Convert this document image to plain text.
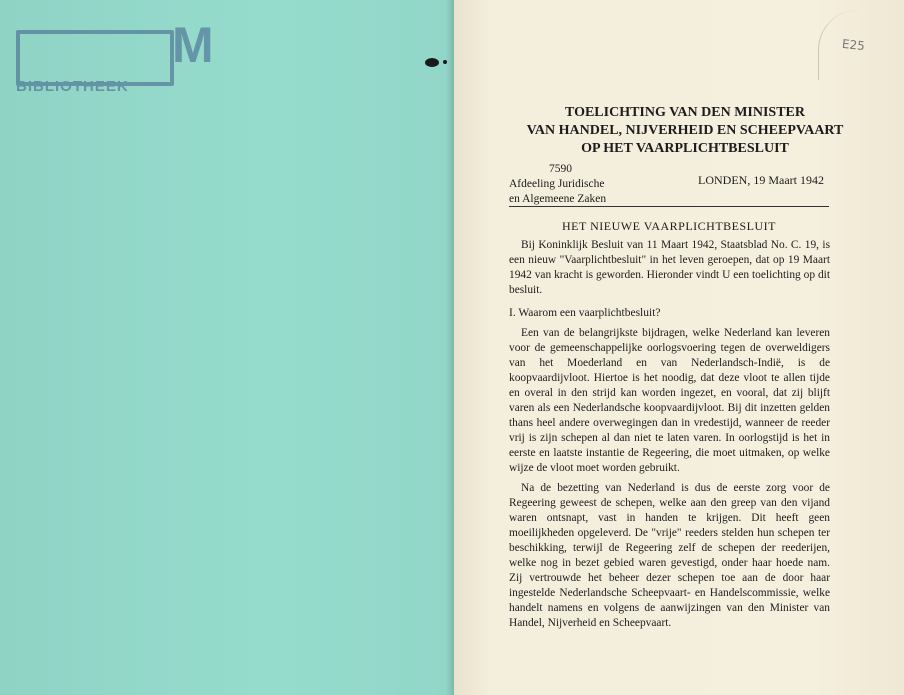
M
BIBLIOTHEEK
E25
TOELICHTING VAN DEN MINISTER
VAN HANDEL, NIJVERHEID EN SCHEEPVAART
OP HET VAARPLICHTBESLUIT
7590
Afdeeling Juridische
en Algemeene Zaken
LONDEN, 19 Maart 1942
HET NIEUWE VAARPLICHTBESLUIT

Bij Koninklijk Besluit van 11 Maart 1942, Staatsblad No. C. 19, is een nieuw "Vaarplichtbesluit" in het leven geroepen, dat op 19 Maart 1942 van kracht is geworden. Hieronder vindt U een toelichting op dit besluit.

I. Waarom een vaarplichtbesluit?

Een van de belangrijkste bijdragen, welke Nederland kan leveren voor de gemeenschappelijke oorlogsvoering tegen de overweldigers van het Moederland en van Nederlandsch-Indië, is de koopvaardijvloot. Hiertoe is het noodig, dat deze vloot te allen tijde en overal in den strijd kan worden ingezet, en vooral, dat zij blijft varen als een Nederlandsche koopvaardijvloot. Bij dit inzetten gelden thans heel andere overwegingen dan in vredestijd, wanneer de reeder vrij is zijn schepen al dan niet te laten varen. In oorlogstijd is het in eerste en laatste instantie de Regeering, die moet uitmaken, op welke wijze de vloot moet worden gebruikt.

Na de bezetting van Nederland is dus de eerste zorg voor de Regeering geweest de schepen, welke aan den greep van den vijand waren ontsnapt, vast in handen te krijgen. Dit heeft geen moeilijkheden opgeleverd. De "vrije" reeders stelden hun schepen ter beschikking, terwijl de Regeering zelf de schepen der reederijen, welke nog in bezet gebied waren gevestigd, onder haar hoede nam. Zij vertrouwde het beheer dezer schepen toe aan de door haar ingestelde Nederlandsche Scheepvaart- en Handelscommissie, welke handelt namens en volgens de aanwijzingen van den Minister van Handel, Nijverheid en Scheepvaart.
